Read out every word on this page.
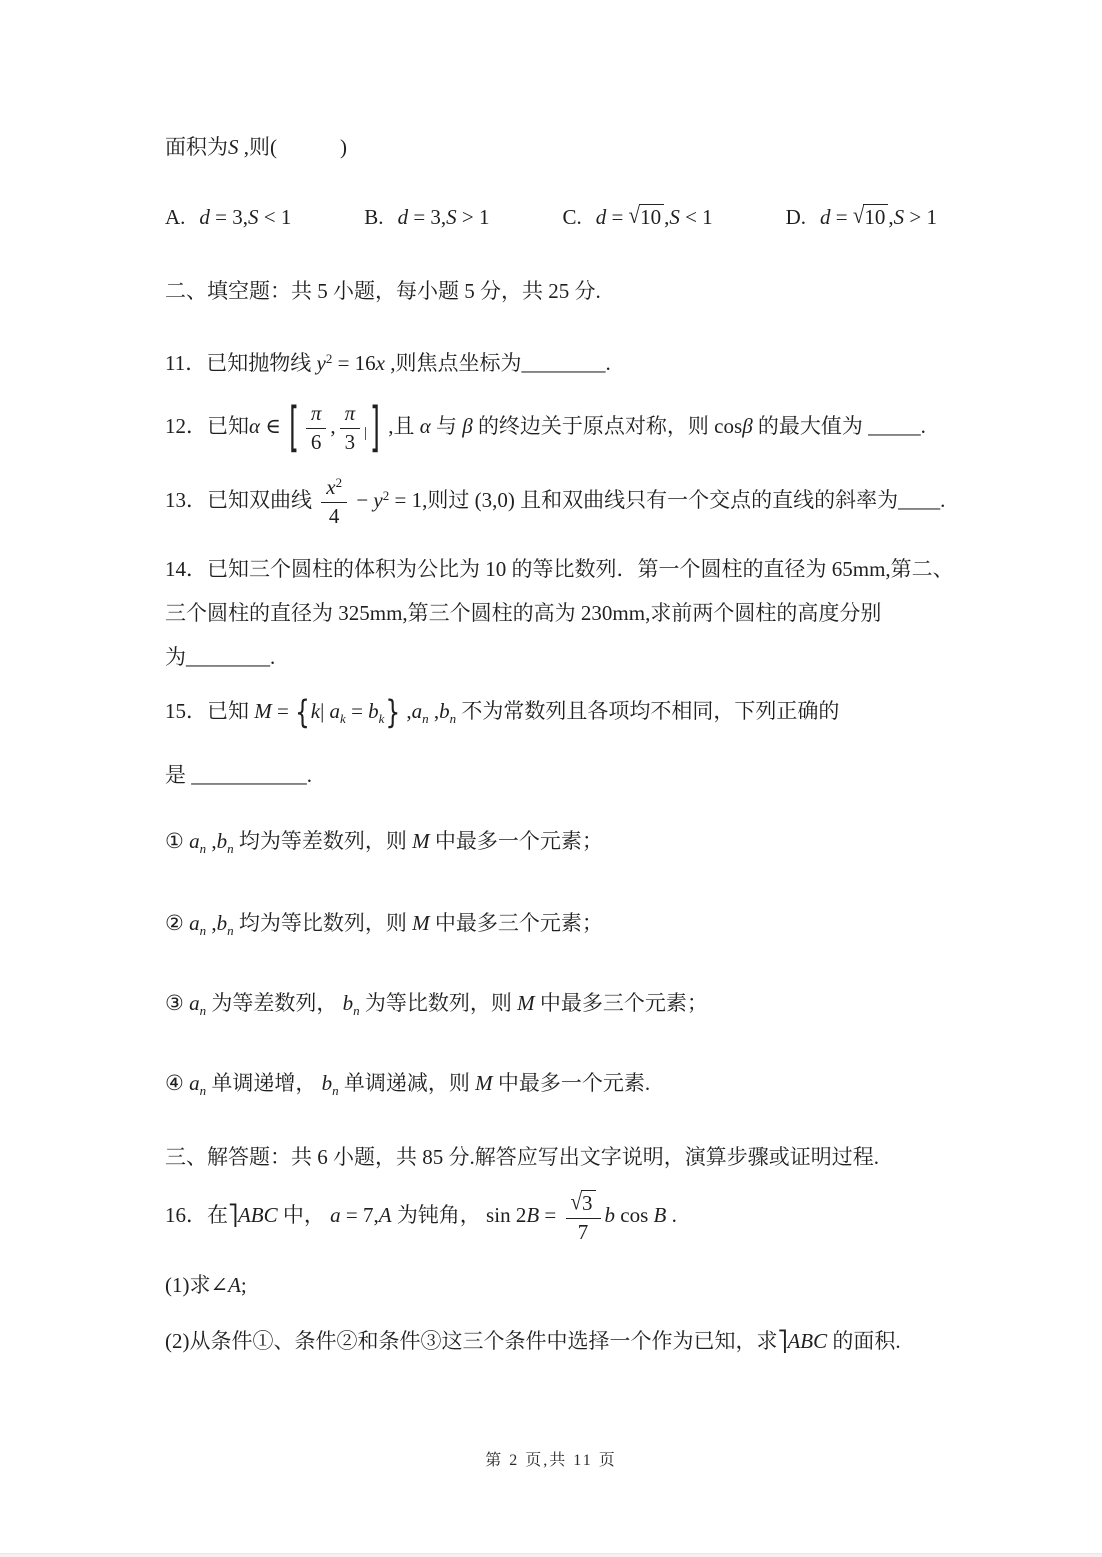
面积为S ,则(　　　)

A. d = 3,S < 1	B. d = 3,S > 1	C. d = √10 ,S < 1	D. d = √10 ,S > 1

二、填空题：共 5 小题，每小题 5 分，共 25 分.

11．已知抛物线 $y^2 = 16x$ ,则焦点坐标为________.

12．已知α ∈ [ $\frac{\pi}{6}$ , $\frac{\pi}{3}$ | ] ,且 α 与 β 的终边关于原点对称，则 cosβ 的最大值为 _____.

13．已知双曲线 $\frac{x^2}{4} - y^2 = 1$,则过 (3,0) 且和双曲线只有一个交点的直线的斜率为____.

14．已知三个圆柱的体积为公比为 10 的等比数列．第一个圆柱的直径为 65mm,第二、

三个圆柱的直径为 325mm,第三个圆柱的高为 230mm,求前两个圆柱的高度分别

为________.

15．已知 M = {k| $a_k = b_k$} $,a_n$ $,b_n$ 不为常数列且各项均不相同，下列正确的

是 ___________.

① $a_n$ $,b_n$ 均为等差数列，则 M 中最多一个元素；

② $a_n$ $,b_n$ 均为等比数列，则 M 中最多三个元素；

③ $a_n$ 为等差数列， $b_n$ 为等比数列，则 M 中最多三个元素；

④ $a_n$ 单调递增， $b_n$ 单调递减，则 M 中最多一个元素.

三、解答题：共 6 小题，共 85 分.解答应写出文字说明，演算步骤或证明过程.

16．在⎤ABC 中， a = 7,A 为钝角， $\sin 2B = \frac{√3}{7}$ b cos B .

(1)求∠A;

(2)从条件①、条件②和条件③这三个条件中选择一个作为已知，求⎤ABC 的面积.

第 2 页,共 11 页
